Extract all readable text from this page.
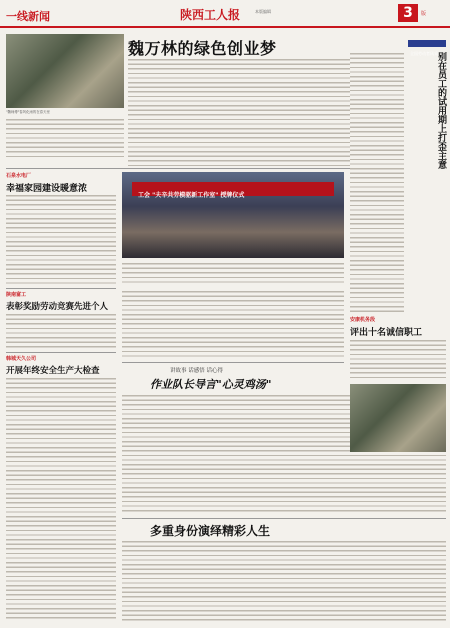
一线新闻	陕西工人报	本版编辑	3	版
魏万林的绿色创业梦
"魏师傅"春风化雨的在春天里
全国劳动者风采
别在员工的试用期上打歪主意
石泉水电厂
幸福家园建设暖意浓
陕南富工
表彰奖励劳动竞赛先进个人
韩城天久公司
开展年终安全生产大检查
工会 "夫辛共劳模驱新工作室" 授牌仪式
安康机务段
评出十名诚信职工
讲故事 话感悟 话心得
作业队长导言"心灵鸡汤"
多重身份演绎精彩人生
